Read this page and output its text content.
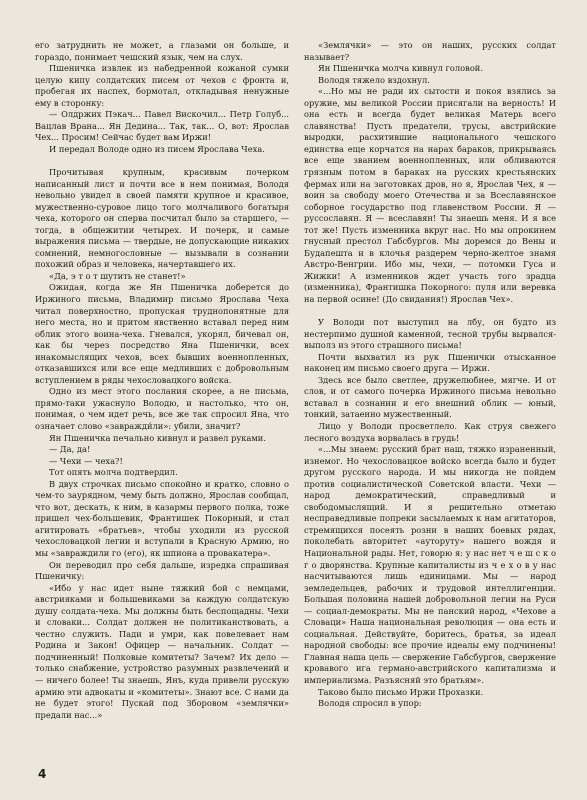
его затруднить не может, а глазами он больше, и гораздо, понимает чешский язык, чем на слух.

Пшеничка извлек из набедренной кожаной сумки целую кипу солдатских писем от чехов с фронта и, пробегая их наспех, бормотал, откладывая ненужные ему в сторонку:

— Олдржих Пэкач... Павел Вискочил... Петр Голуб... Вацлав Врана... Ян Дедина... Так, так... О, вот: Ярослав Чех... Просим! Сейчас будет вам Иржи!

И передал Володе одно из писем Ярослава Чеха.

Прочитывая крупным, красивым почерком написанный лист и почти все в нем понимая, Володя невольно увидел в своей памяти крупное и красивое, мужественно-суровое лицо того молчаливого богатыря чеха, которого он сперва посчитал было за старшего, — тогда, в общежитии четырех. И почерк, и самые выражения письма — твердые, не допускающие никаких сомнений, немногословные — вызывали в сознании похожий образ и человека, начертавшего их.

«Да, э т о т шутить не станет!»

Ожидая, когда же Ян Пшеничка доберется до Иржиного письма, Владимир письмо Ярослава Чеха читал поверхностно, пропуская труднопонятные для него места, но и притом явственно вставал перед ним облик этого воина-чеха. Гневался, укорял, бичевал он, как бы через посредство Яна Пшенички, всех инакомыслящих чехов, всех бывших военнопленных, отказавшихся или все еще медливших с добровольным вступлением в ряды чехословацкого войска.

Одно из мест этого послания скорее, а не письма, прямо-таки ужаснуло Володю, и настолько, что он, понимая, о чем идет речь, все же так спросил Яна, что означает слово «завражди́ли»: убили, значит?

Ян Пшеничка печально кивнул и развел руками.

— Да, да!

— Чехи — чеха?!

Тот опять молча подтвердил.

В двух строчках письмо спокойно и кратко, словно о чем-то заурядном, чему быть должно, Ярослав сообщал, что вот, дескать, к ним, в казармы первого полка, тоже пришел чех-большевик, Франтишек Покорный, и стал агитировать «братьев», чтобы уходили из русской чехословацкой легии и вступали в Красную Армию, но мы «завраждили го (его), як шпиона а провакатера».

Он переводил про себя дальше, изредка спрашивая Пшеничку:

«Ибо у нас идет ныне тяжкий бой с немцами, австрияками и большевиками за каждую солдатскую душу солдата-чеха. Мы должны быть беспощадны. Чехи и словаки... Солдат должен не политиканствовать, а честно служить. Пади и умри, как повелевает нам Родина и Закон! Офицер — начальник. Солдат — подчиненный! Полковые комитеты? Зачем? Их дело — только снабжение, устройство разумных развлечений и — ничего более! Ты знаешь, Янъ, куда привели русскую армию эти адвокаты и «комитеты». Знают все. С нами да не будет этого! Пускай под Зборовом «землячки» предали нас...»

«Землячки» — это он наших, русских солдат называет?

Ян Пшеничка молча кивнул головой.

Володя тяжело вздохнул.

«...Но мы не ради их сытости и покоя взялись за оружие, мы великой России присягали на верность! И она есть и всегда будет великая Матерь всего славянства! Пусть предатели, трусы, австрийские выродки, расхитившие национального чешского единства еще корчатся на нарах бараков, прикрываясь все еще званием военнопленных, или обливаются грязным потом в бараках на русских крестьянских фермах или на заготовках дров, но я, Ярослав Чех, я — воин за свободу моего Отечества и за Всеславянское соборное государство под главенством России. Я — руссославян. Я — всеславян! Ты знаешь меня. И я все тот же! Пусть изменника вкруг нас. Но мы опрокинем гнусный престол Габсбургов. Мы доремся до Вены и Будапешта и в клочья раздерем черно-желтое знамя Австро-Венгрии. Ибо мы, чехи, — потомки Гуса и Жижки! А изменников ждет участь того зрадца (изменника), Франтишка Покорного: пуля или веревка на первой осине! (До свидания!) Ярослав Чех».

У Володи пот выступил на лбу, он будто из нестерпимо душной каменной, тесной трубы вырвался-выполз из этого страшного письма!

Почти выхватил из рук Пшенички отысканное наконец им письмо своего друга — Иржи.

Здесь все было светлее, дружелюбнее, мягче. И от слов, и от самого почерка Иржиного письма невольно вставал в сознании и его внешний облик — юный, тонкий, затаенно мужественный.

Лицо у Володи просветлело. Как струя свежего лесного воздуха ворвалась в грудь!

«...Мы знаем: русский брат наш, тяжко израненный, изнемог. Но чехословацкое войско всегда было и будет другом русского народа. И мы никогда не пойдем против социалистической Советской власти. Чехи — народ демократический, справедливый и свободомыслящий. И я решительно отметаю несправедливые попреки засылаемых к нам агитаторов, стремящихся посеять розни в наших боевых рядах, поколебать авторитет «ауторуту» нашего вождя и Национальной рады. Нет, говорю я: у нас нет ч е ш с к о г о дворянства. Крупные капиталисты из ч е х о в у нас насчитываются лишь единицами. Мы — народ земледельцев, рабочих и трудовой интеллигенции. Большая половина нашей добровольной легии на Руси — социал-демократы. Мы не панский народ, «Чехове а Словаци» Наша национальная революция — она есть и социальная. Действуйте, боритесь, братья, за идеал народной свободы: все прочие идеалы ему подчинены! Главная наша цель — свержение Габсбургов, свержение кровавого ига германо-австрийского капитализма и империализма. Разъясняй это братьям».

Таково было письмо Иржи Прохазки.

Володя спросил в упор:

4
